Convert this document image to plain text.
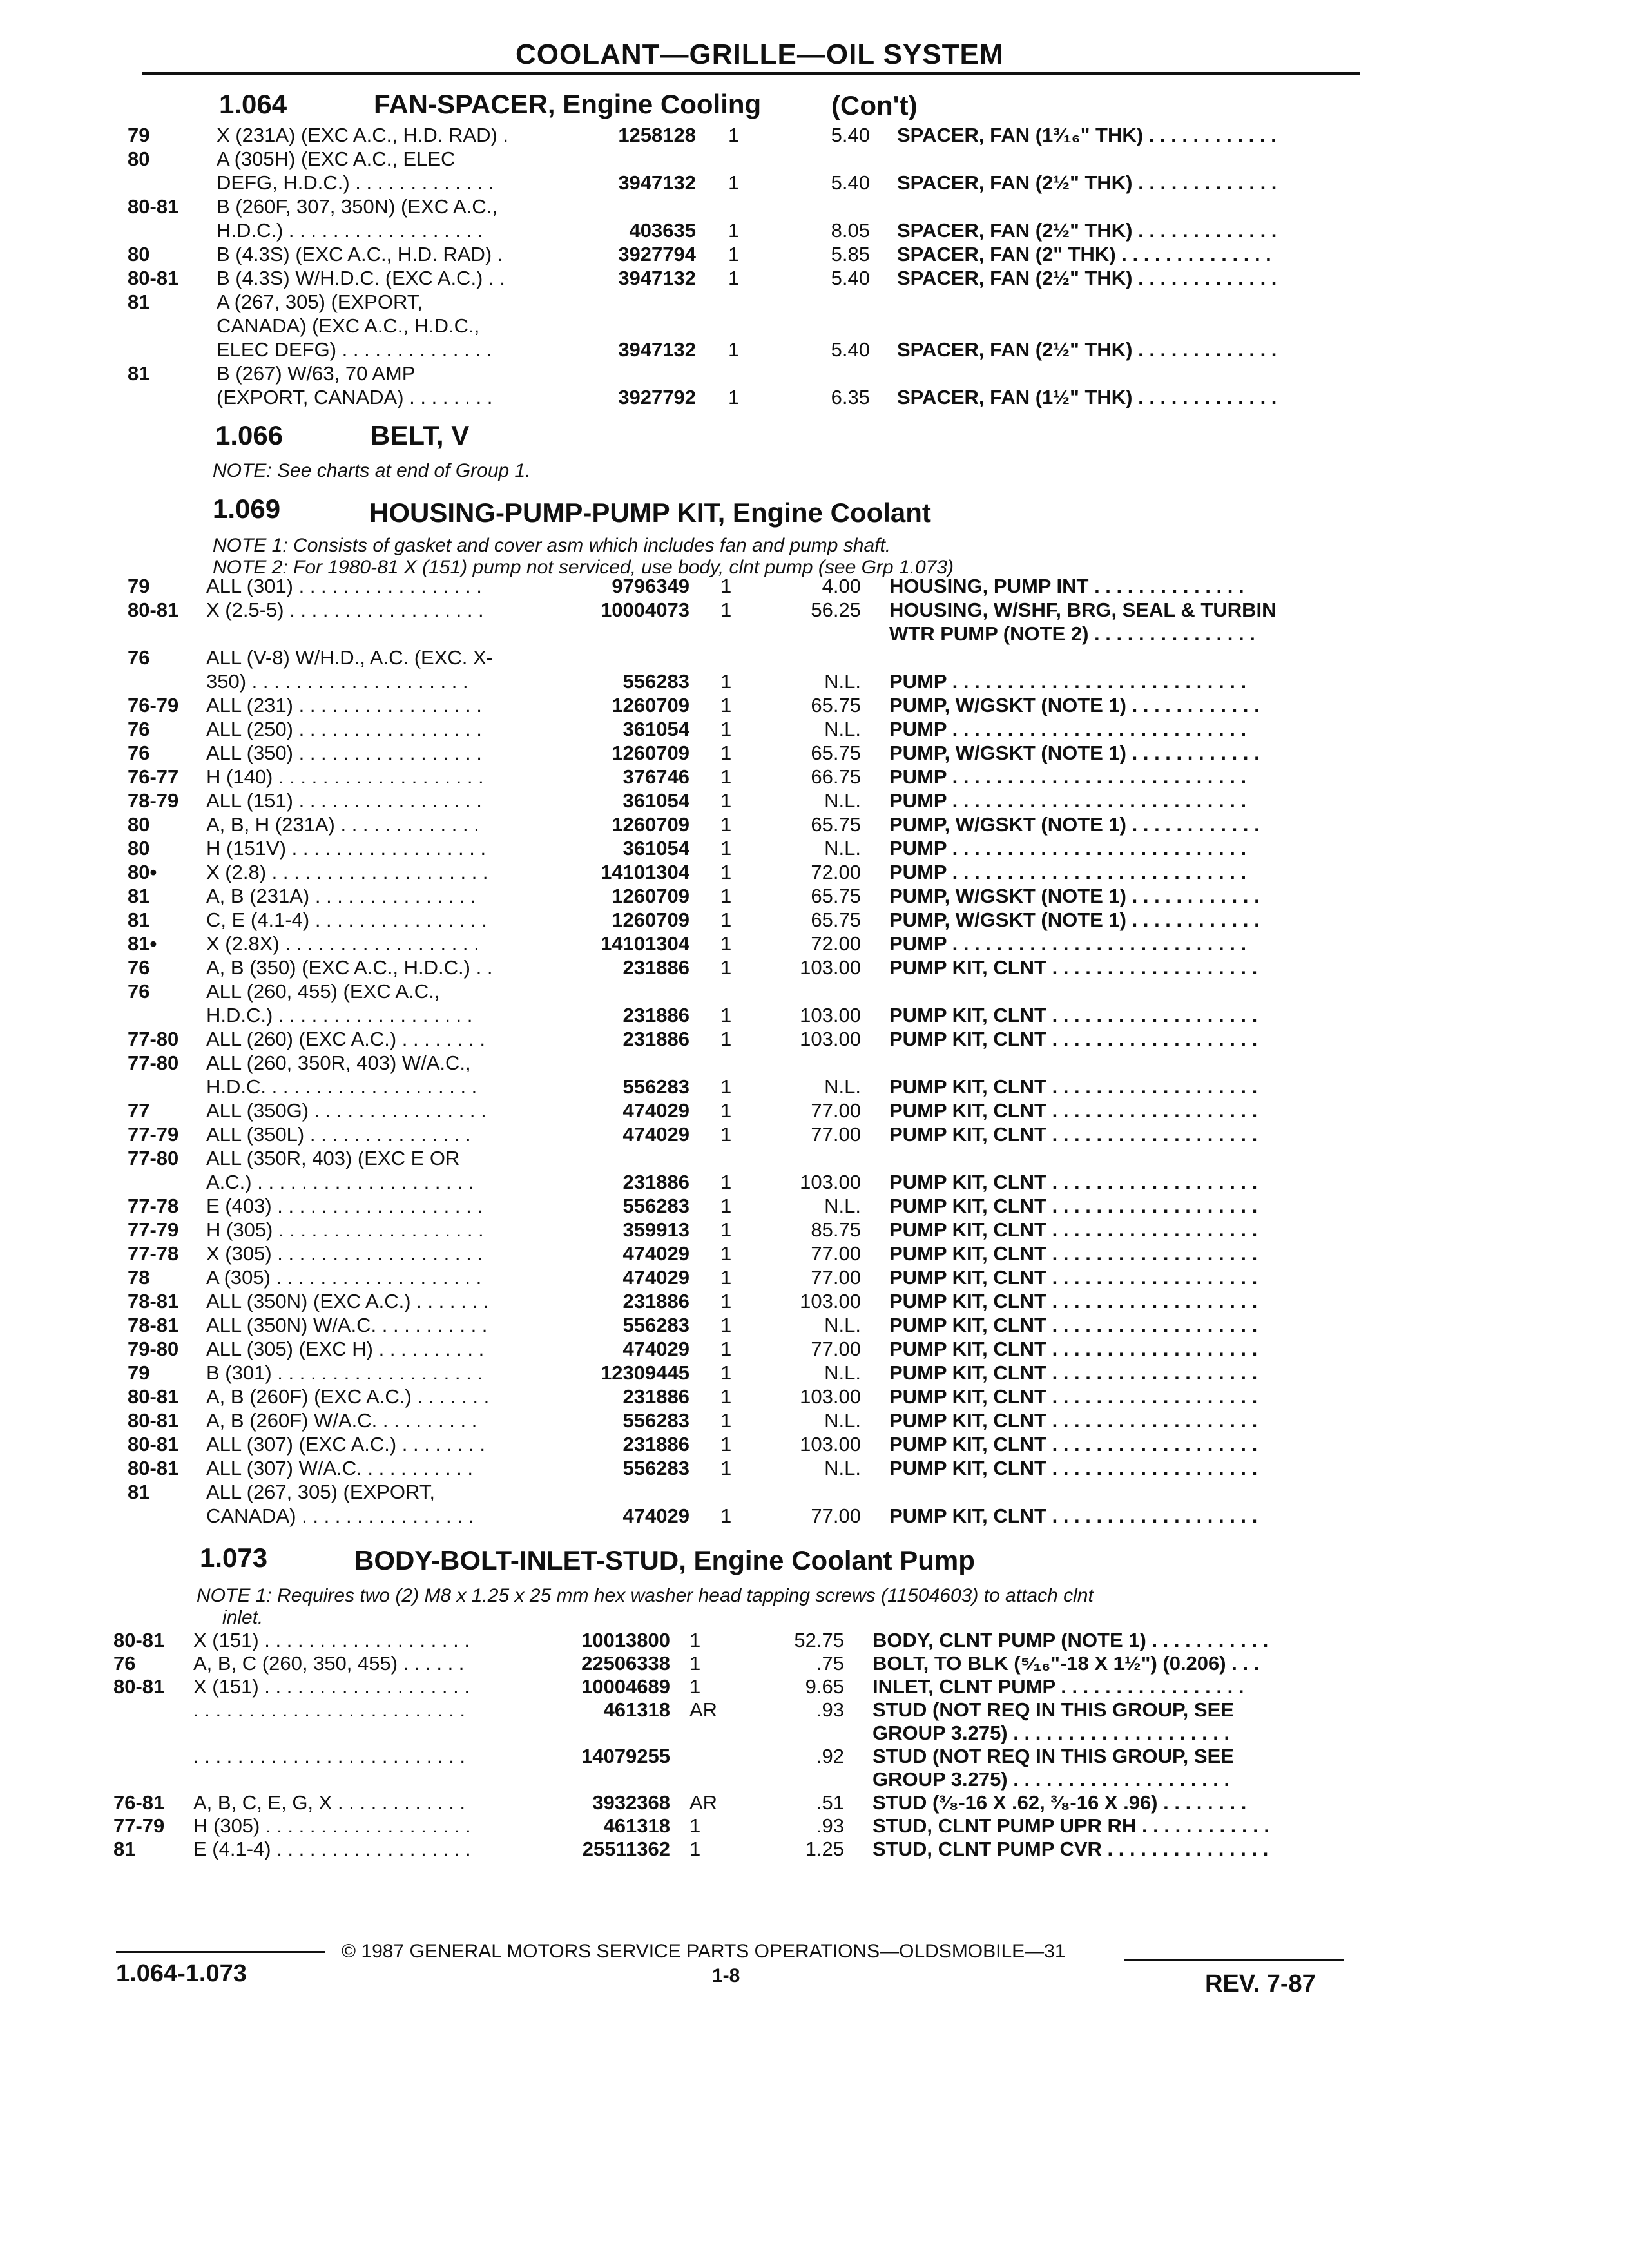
COOLANT—GRILLE—OIL SYSTEM
1.064	FAN-SPACER, Engine Cooling	(Con't)
79	X (231A) (EXC A.C., H.D. RAD) .	1258128 1	5.40 SPACER, FAN (1³⁄₁₆" THK) . . . . . . . . . . . .
80	A (305H) (EXC A.C., ELEC
DEFG, H.D.C.) . . . . . . . . . . . . .	3947132 1	5.40 SPACER, FAN (2½" THK) . . . . . . . . . . . . .
80-81 B (260F, 307, 350N) (EXC A.C.,
H.D.C.) . . . . . . . . . . . . . . . . . .	403635 1	8.05 SPACER, FAN (2½" THK) . . . . . . . . . . . . .
80	B (4.3S) (EXC A.C., H.D. RAD) .	3927794 1	5.85 SPACER, FAN (2" THK) . . . . . . . . . . . . . .
80-81 B (4.3S) W/H.D.C. (EXC A.C.) . .	3947132 1	5.40 SPACER, FAN (2½" THK) . . . . . . . . . . . . .
81	A (267, 305) (EXPORT,
CANADA) (EXC A.C., H.D.C.,
ELEC DEFG) . . . . . . . . . . . . . .	3947132 1	5.40 SPACER, FAN (2½" THK) . . . . . . . . . . . . .
81	B (267) W/63, 70 AMP
(EXPORT, CANADA) . . . . . . . .	3927792 1	6.35 SPACER, FAN (1½" THK) . . . . . . . . . . . . .
1.066	BELT, V
NOTE: See charts at end of Group 1.
1.069	HOUSING-PUMP-PUMP KIT, Engine Coolant
NOTE 1: Consists of gasket and cover asm which includes fan and pump shaft.
NOTE 2: For 1980-81 X (151) pump not serviced, use body, clnt pump (see Grp 1.073)
79	ALL (301) . . . . . . . . . . . . . . . . .	9796349 1	4.00 HOUSING, PUMP INT . . . . . . . . . . . . . .
80-81 X (2.5-5) . . . . . . . . . . . . . . . . . .	10004073 1	56.25 HOUSING, W/SHF, BRG, SEAL & TURBIN
WTR PUMP (NOTE 2) . . . . . . . . . . . . . . .
76	ALL (V-8) W/H.D., A.C. (EXC. X-
350) . . . . . . . . . . . . . . . . . . . .	556283 1	N.L. PUMP . . . . . . . . . . . . . . . . . . . . . . . . . . .
76-79 ALL (231) . . . . . . . . . . . . . . . . .	1260709 1	65.75 PUMP, W/GSKT (NOTE 1) . . . . . . . . . . . .
76	ALL (250) . . . . . . . . . . . . . . . . .	361054 1	N.L. PUMP . . . . . . . . . . . . . . . . . . . . . . . . . . .
76	ALL (350) . . . . . . . . . . . . . . . . .	1260709 1	65.75 PUMP, W/GSKT (NOTE 1) . . . . . . . . . . . .
76-77 H (140) . . . . . . . . . . . . . . . . . . .	376746 1	66.75 PUMP . . . . . . . . . . . . . . . . . . . . . . . . . . .
78-79 ALL (151) . . . . . . . . . . . . . . . . .	361054 1	N.L. PUMP . . . . . . . . . . . . . . . . . . . . . . . . . . .
80	A, B, H (231A) . . . . . . . . . . . . .	1260709 1	65.75 PUMP, W/GSKT (NOTE 1) . . . . . . . . . . . .
80	H (151V) . . . . . . . . . . . . . . . . . .	361054 1	N.L. PUMP . . . . . . . . . . . . . . . . . . . . . . . . . . .
80• X (2.8) . . . . . . . . . . . . . . . . . . . .	14101304 1	72.00 PUMP . . . . . . . . . . . . . . . . . . . . . . . . . . .
81	A, B (231A) . . . . . . . . . . . . . . .	1260709 1	65.75 PUMP, W/GSKT (NOTE 1) . . . . . . . . . . . .
81	C, E (4.1-4) . . . . . . . . . . . . . . . .	1260709 1	65.75 PUMP, W/GSKT (NOTE 1) . . . . . . . . . . . .
81• X (2.8X) . . . . . . . . . . . . . . . . . .	14101304 1	72.00 PUMP . . . . . . . . . . . . . . . . . . . . . . . . . . .
76	A, B (350) (EXC A.C., H.D.C.) . .	231886 1	103.00 PUMP KIT, CLNT . . . . . . . . . . . . . . . . . . .
76	ALL (260, 455) (EXC A.C.,
H.D.C.) . . . . . . . . . . . . . . . . . .	231886 1	103.00 PUMP KIT, CLNT . . . . . . . . . . . . . . . . . . .
77-80 ALL (260) (EXC A.C.) . . . . . . . .	231886 1	103.00 PUMP KIT, CLNT . . . . . . . . . . . . . . . . . . .
77-80 ALL (260, 350R, 403) W/A.C.,
H.D.C. . . . . . . . . . . . . . . . . . . .	556283 1	N.L. PUMP KIT, CLNT . . . . . . . . . . . . . . . . . . .
77	ALL (350G) . . . . . . . . . . . . . . . .	474029 1	77.00 PUMP KIT, CLNT . . . . . . . . . . . . . . . . . . .
77-79 ALL (350L) . . . . . . . . . . . . . . .	474029 1	77.00 PUMP KIT, CLNT . . . . . . . . . . . . . . . . . . .
77-80 ALL (350R, 403) (EXC E OR
A.C.) . . . . . . . . . . . . . . . . . . . .	231886 1	103.00 PUMP KIT, CLNT . . . . . . . . . . . . . . . . . . .
77-78 E (403) . . . . . . . . . . . . . . . . . . .	556283 1	N.L. PUMP KIT, CLNT . . . . . . . . . . . . . . . . . . .
77-79 H (305) . . . . . . . . . . . . . . . . . . .	359913 1	85.75 PUMP KIT, CLNT . . . . . . . . . . . . . . . . . . .
77-78 X (305) . . . . . . . . . . . . . . . . . . .	474029 1	77.00 PUMP KIT, CLNT . . . . . . . . . . . . . . . . . . .
78	A (305) . . . . . . . . . . . . . . . . . . .	474029 1	77.00 PUMP KIT, CLNT . . . . . . . . . . . . . . . . . . .
78-81 ALL (350N) (EXC A.C.) . . . . . . .	231886 1	103.00 PUMP KIT, CLNT . . . . . . . . . . . . . . . . . . .
78-81 ALL (350N) W/A.C. . . . . . . . . . .	556283 1	N.L. PUMP KIT, CLNT . . . . . . . . . . . . . . . . . . .
79-80 ALL (305) (EXC H) . . . . . . . . . .	474029 1	77.00 PUMP KIT, CLNT . . . . . . . . . . . . . . . . . . .
79	B (301) . . . . . . . . . . . . . . . . . . .	12309445 1	N.L. PUMP KIT, CLNT . . . . . . . . . . . . . . . . . . .
80-81 A, B (260F) (EXC A.C.) . . . . . . .	231886 1	103.00 PUMP KIT, CLNT . . . . . . . . . . . . . . . . . . .
80-81 A, B (260F) W/A.C. . . . . . . . . .	556283 1	N.L. PUMP KIT, CLNT . . . . . . . . . . . . . . . . . . .
80-81 ALL (307) (EXC A.C.) . . . . . . . .	231886 1	103.00 PUMP KIT, CLNT . . . . . . . . . . . . . . . . . . .
80-81 ALL (307) W/A.C. . . . . . . . . . .	556283 1	N.L. PUMP KIT, CLNT . . . . . . . . . . . . . . . . . . .
81	ALL (267, 305) (EXPORT,
CANADA) . . . . . . . . . . . . . . . .	474029 1	77.00 PUMP KIT, CLNT . . . . . . . . . . . . . . . . . . .
1.073	BODY-BOLT-INLET-STUD, Engine Coolant Pump
NOTE 1: Requires two (2) M8 x 1.25 x 25 mm hex washer head tapping screws (11504603) to attach clnt
inlet.
80-81 X (151) . . . . . . . . . . . . . . . . . . .	10013800 1	52.75 BODY, CLNT PUMP (NOTE 1) . . . . . . . . . . .
76	A, B, C (260, 350, 455) . . . . . .	22506338 1	.75 BOLT, TO BLK (⁵⁄₁₆"-18 X 1½") (0.206) . . .
80-81 X (151) . . . . . . . . . . . . . . . . . . .	10004689 1	9.65 INLET, CLNT PUMP . . . . . . . . . . . . . . . . .
. . . . . . . . . . . . . . . . . . . . . . . . .	461318 AR	.93 STUD (NOT REQ IN THIS GROUP, SEE
GROUP 3.275) . . . . . . . . . . . . . . . . . . . .
. . . . . . . . . . . . . . . . . . . . . . . . .	14079255	.92 STUD (NOT REQ IN THIS GROUP, SEE
GROUP 3.275) . . . . . . . . . . . . . . . . . . . .
76-81 A, B, C, E, G, X . . . . . . . . . . . .	3932368 AR	.51 STUD (³⁄₈-16 X .62, ³⁄₈-16 X .96) . . . . . . . .
77-79 H (305) . . . . . . . . . . . . . . . . . . .	461318 1	.93 STUD, CLNT PUMP UPR RH . . . . . . . . . . . .
81	E (4.1-4) . . . . . . . . . . . . . . . . . .	25511362 1	1.25 STUD, CLNT PUMP CVR . . . . . . . . . . . . . . .
© 1987 GENERAL MOTORS SERVICE PARTS OPERATIONS—OLDSMOBILE—31
1.064-1.073	1-8	REV. 7-87
